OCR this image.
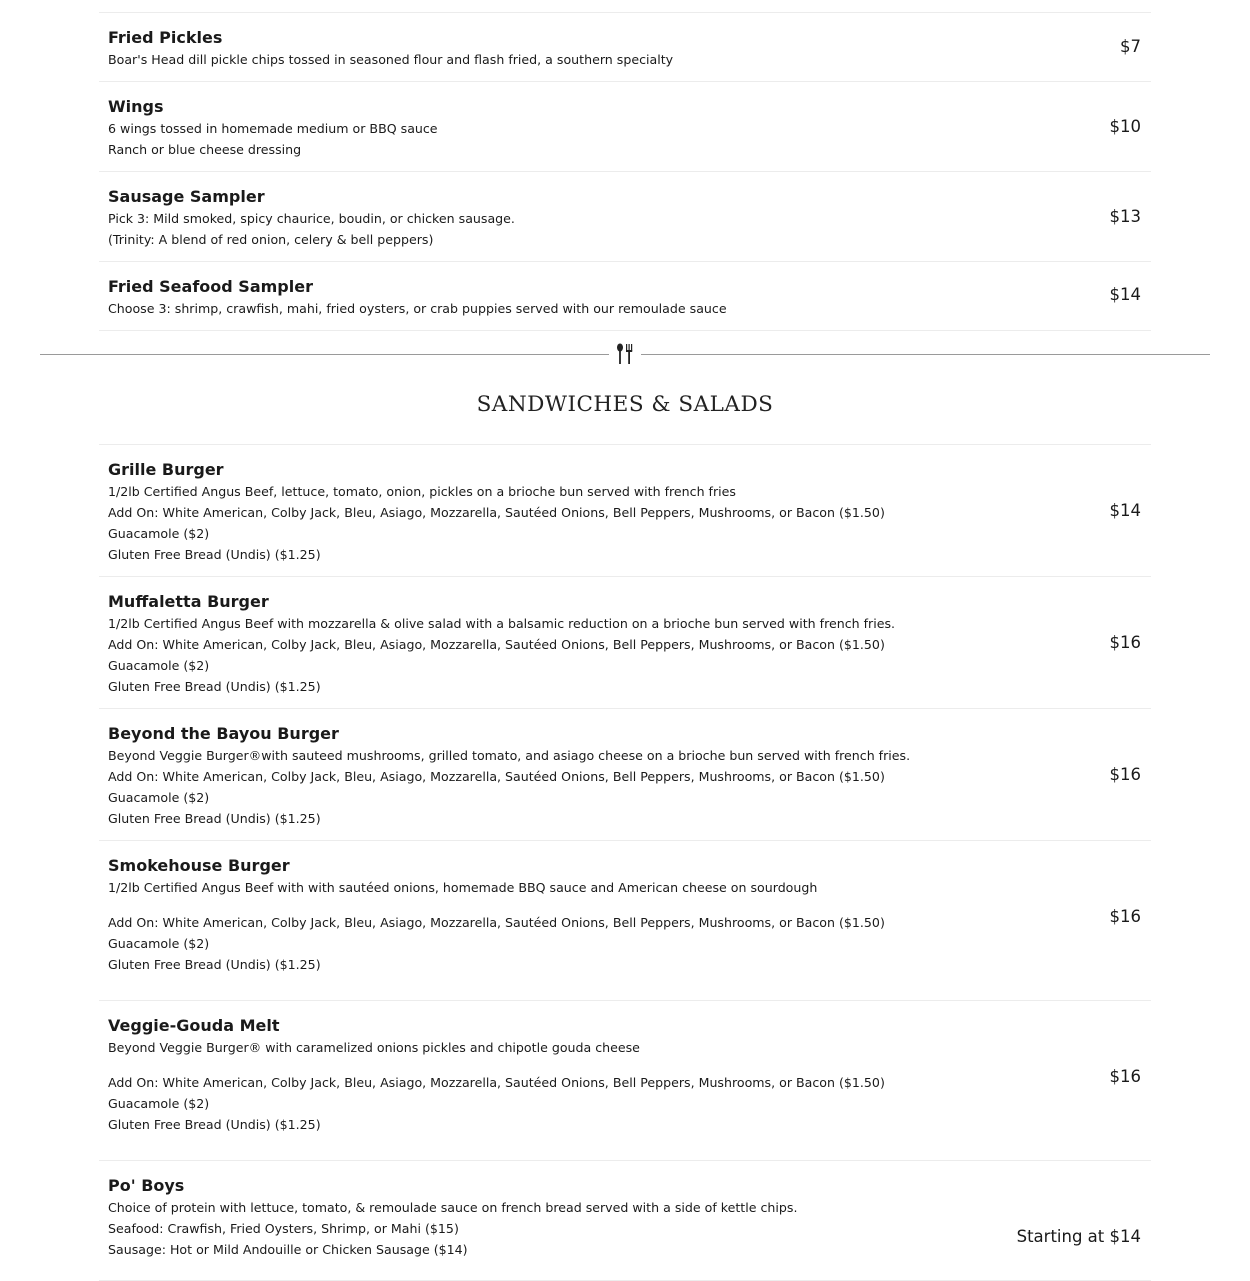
Fried Pickles
Boar's Head dill pickle chips tossed in seasoned flour and flash fried, a southern specialty
$7
Wings
6 wings tossed in homemade medium or BBQ sauce
Ranch or blue cheese dressing
$10
Sausage Sampler
Pick 3: Mild smoked, spicy chaurice, boudin, or chicken sausage.
(Trinity: A blend of red onion, celery & bell peppers)
$13
Fried Seafood Sampler
Choose 3: shrimp, crawfish, mahi, fried oysters, or crab puppies served with our remoulade sauce
$14
SANDWICHES & SALADS
Grille Burger
1/2lb Certified Angus Beef, lettuce, tomato, onion, pickles on a brioche bun served with french fries
Add On: White American, Colby Jack, Bleu, Asiago, Mozzarella, Sautéed Onions, Bell Peppers, Mushrooms, or Bacon ($1.50)
Guacamole ($2)
Gluten Free Bread (Undis) ($1.25)
$14
Muffaletta Burger
1/2lb Certified Angus Beef with mozzarella & olive salad with a balsamic reduction on a brioche bun served with french fries.
Add On: White American, Colby Jack, Bleu, Asiago, Mozzarella, Sautéed Onions, Bell Peppers, Mushrooms, or Bacon ($1.50)
Guacamole ($2)
Gluten Free Bread (Undis) ($1.25)
$16
Beyond the Bayou Burger
Beyond Veggie Burger®with sauteed mushrooms, grilled tomato, and asiago cheese on a brioche bun served with french fries.
Add On: White American, Colby Jack, Bleu, Asiago, Mozzarella, Sautéed Onions, Bell Peppers, Mushrooms, or Bacon ($1.50)
Guacamole ($2)
Gluten Free Bread (Undis) ($1.25)
$16
Smokehouse Burger
1/2lb Certified Angus Beef with with sautéed onions, homemade BBQ sauce and American cheese on sourdough
Add On: White American, Colby Jack, Bleu, Asiago, Mozzarella, Sautéed Onions, Bell Peppers, Mushrooms, or Bacon ($1.50)
Guacamole ($2)
Gluten Free Bread (Undis) ($1.25)
$16
Veggie-Gouda Melt
Beyond Veggie Burger® with caramelized onions pickles and chipotle gouda cheese
Add On: White American, Colby Jack, Bleu, Asiago, Mozzarella, Sautéed Onions, Bell Peppers, Mushrooms, or Bacon ($1.50)
Guacamole ($2)
Gluten Free Bread (Undis) ($1.25)
$16
Po' Boys
Choice of protein with lettuce, tomato, & remoulade sauce on french bread served with a side of kettle chips.
Seafood: Crawfish, Fried Oysters, Shrimp, or Mahi ($15)
Sausage: Hot or Mild Andouille or Chicken Sausage ($14)
Starting at $14
